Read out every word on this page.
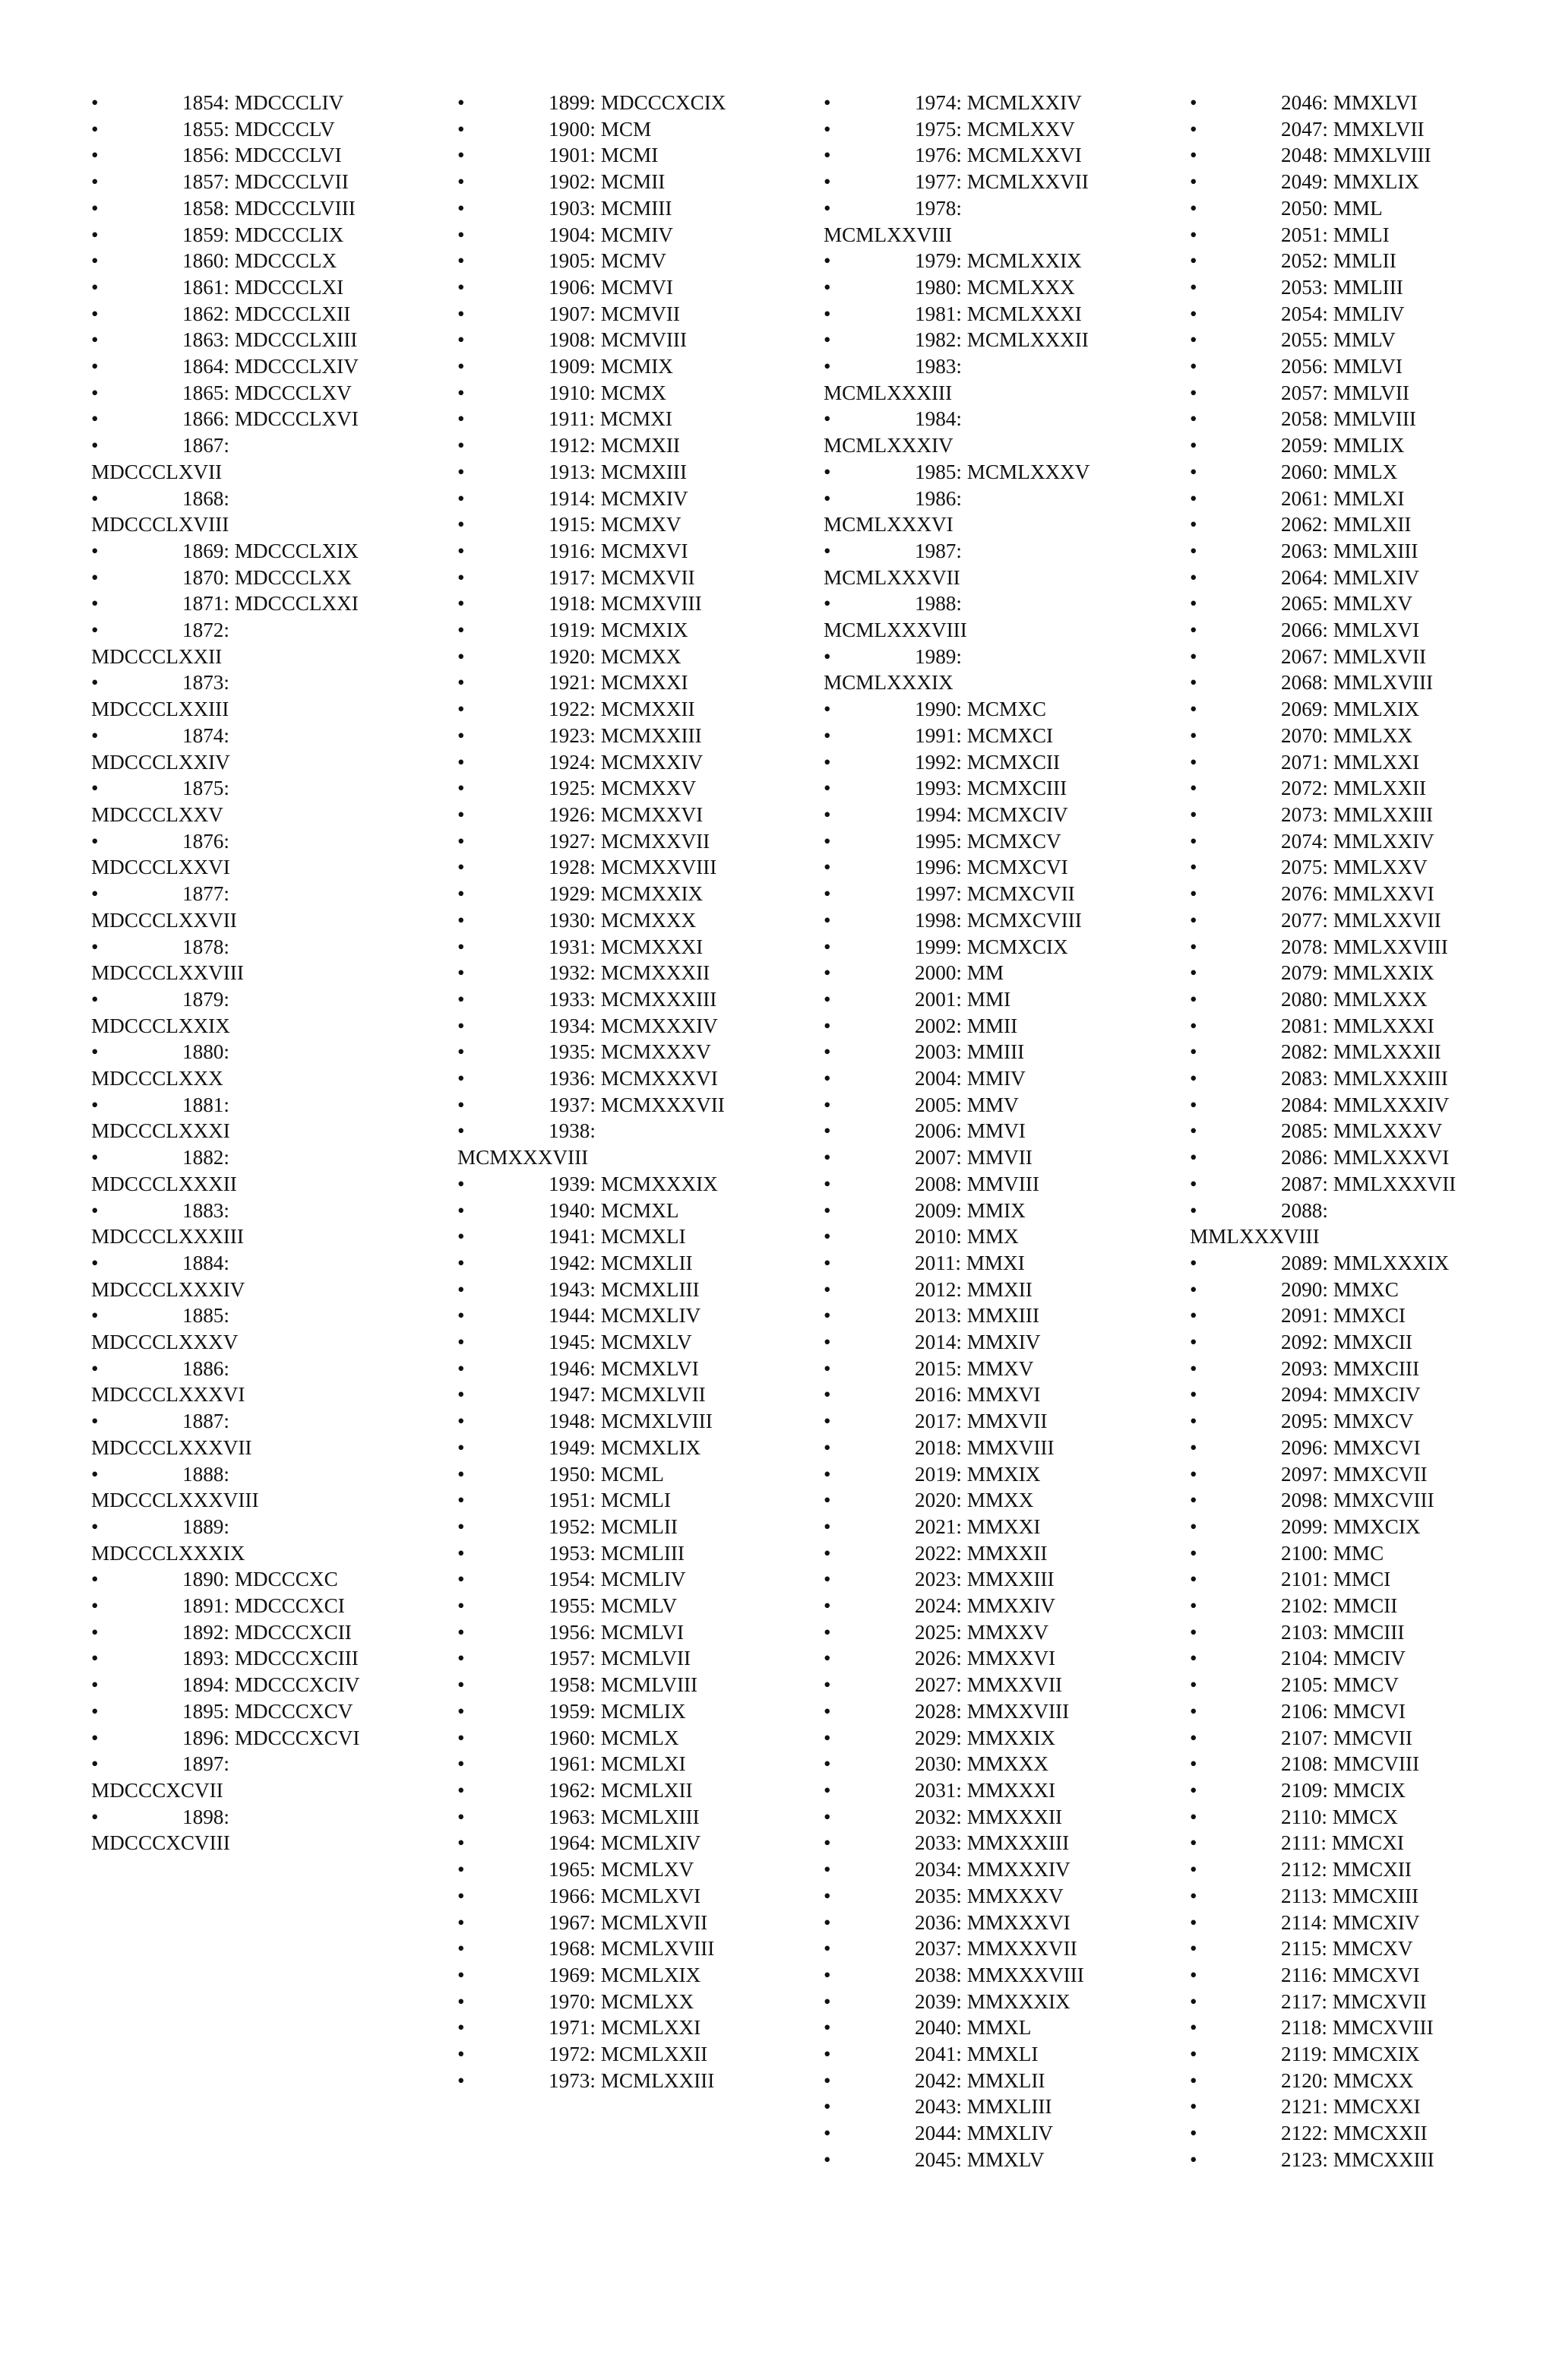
•	1854: MDCCCLIV
•	1855: MDCCCLV
•	1856: MDCCCLVI
•	1857: MDCCCLVII
•	1858: MDCCCLVIII
•	1859: MDCCCLIX
•	1860: MDCCCLX
•	1861: MDCCCLXI
•	1862: MDCCCLXII
•	1863: MDCCCLXIII
•	1864: MDCCCLXIV
•	1865: MDCCCLXV
•	1866: MDCCCLXVI
•	1867:
MDCCCLXVII
•	1868:
MDCCCLXVIII
•	1869: MDCCCLXIX
•	1870: MDCCCLXX
•	1871: MDCCCLXXI
•	1872:
MDCCCLXXII
•	1873:
MDCCCLXXIII
•	1874:
MDCCCLXXIV
•	1875:
MDCCCLXXV
•	1876:
MDCCCLXXVI
•	1877:
MDCCCLXXVII
•	1878:
MDCCCLXXVIII
•	1879:
MDCCCLXXIX
•	1880:
MDCCCLXXX
•	1881:
MDCCCLXXXI
•	1882:
MDCCCLXXXII
•	1883:
MDCCCLXXXIII
•	1884:
MDCCCLXXXIV
•	1885:
MDCCCLXXXV
•	1886:
MDCCCLXXXVI
•	1887:
MDCCCLXXXVII
•	1888:
MDCCCLXXXVIII
•	1889:
MDCCCLXXXIX
•	1890: MDCCCXC
•	1891: MDCCCXCI
•	1892: MDCCCXCII
•	1893: MDCCCXCIII
•	1894: MDCCCXCIV
•	1895: MDCCCXCV
•	1896: MDCCCXCVI
•	1897:
MDCCCXCVII
•	1898:
MDCCCXCVIII
•	1899: MDCCCXCIX
•	1900: MCM
•	1901: MCMI
•	1902: MCMII
•	1903: MCMIII
•	1904: MCMIV
•	1905: MCMV
•	1906: MCMVI
•	1907: MCMVII
•	1908: MCMVIII
•	1909: MCMIX
•	1910: MCMX
•	1911: MCMXI
•	1912: MCMXII
•	1913: MCMXIII
•	1914: MCMXIV
•	1915: MCMXV
•	1916: MCMXVI
•	1917: MCMXVII
•	1918: MCMXVIII
•	1919: MCMXIX
•	1920: MCMXX
•	1921: MCMXXI
•	1922: MCMXXII
•	1923: MCMXXIII
•	1924: MCMXXIV
•	1925: MCMXXV
•	1926: MCMXXVI
•	1927: MCMXXVII
•	1928: MCMXXVIII
•	1929: MCMXXIX
•	1930: MCMXXX
•	1931: MCMXXXI
•	1932: MCMXXXII
•	1933: MCMXXXIII
•	1934: MCMXXXIV
•	1935: MCMXXXV
•	1936: MCMXXXVI
•	1937: MCMXXXVII
•	1938:
MCMXXXVIII
•	1939: MCMXXXIX
•	1940: MCMXL
•	1941: MCMXLI
•	1942: MCMXLII
•	1943: MCMXLIII
•	1944: MCMXLIV
•	1945: MCMXLV
•	1946: MCMXLVI
•	1947: MCMXLVII
•	1948: MCMXLVIII
•	1949: MCMXLIX
•	1950: MCML
•	1951: MCMLI
•	1952: MCMLII
•	1953: MCMLIII
•	1954: MCMLIV
•	1955: MCMLV
•	1956: MCMLVI
•	1957: MCMLVII
•	1958: MCMLVIII
•	1959: MCMLIX
•	1960: MCMLX
•	1961: MCMLXI
•	1962: MCMLXII
•	1963: MCMLXIII
•	1964: MCMLXIV
•	1965: MCMLXV
•	1966: MCMLXVI
•	1967: MCMLXVII
•	1968: MCMLXVIII
•	1969: MCMLXIX
•	1970: MCMLXX
•	1971: MCMLXXI
•	1972: MCMLXXII
•	1973: MCMLXXIII
•	1974: MCMLXXIV
•	1975: MCMLXXV
•	1976: MCMLXXVI
•	1977: MCMLXXVII
•	1978:
MCMLXXVIII
•	1979: MCMLXXIX
•	1980: MCMLXXX
•	1981: MCMLXXXI
•	1982: MCMLXXXII
•	1983:
MCMLXXXIII
•	1984:
MCMLXXXIV
•	1985: MCMLXXXV
•	1986:
MCMLXXXVI
•	1987:
MCMLXXXVII
•	1988:
MCMLXXXVIII
•	1989:
MCMLXXXIX
•	1990: MCMXC
•	1991: MCMXCI
•	1992: MCMXCII
•	1993: MCMXCIII
•	1994: MCMXCIV
•	1995: MCMXCV
•	1996: MCMXCVI
•	1997: MCMXCVII
•	1998: MCMXCVIII
•	1999: MCMXCIX
•	2000: MM
•	2001: MMI
•	2002: MMII
•	2003: MMIII
•	2004: MMIV
•	2005: MMV
•	2006: MMVI
•	2007: MMVII
•	2008: MMVIII
•	2009: MMIX
•	2010: MMX
•	2011: MMXI
•	2012: MMXII
•	2013: MMXIII
•	2014: MMXIV
•	2015: MMXV
•	2016: MMXVI
•	2017: MMXVII
•	2018: MMXVIII
•	2019: MMXIX
•	2020: MMXX
•	2021: MMXXI
•	2022: MMXXII
•	2023: MMXXIII
•	2024: MMXXIV
•	2025: MMXXV
•	2026: MMXXVI
•	2027: MMXXVII
•	2028: MMXXVIII
•	2029: MMXXIX
•	2030: MMXXX
•	2031: MMXXXI
•	2032: MMXXXII
•	2033: MMXXXIII
•	2034: MMXXXIV
•	2035: MMXXXV
•	2036: MMXXXVI
•	2037: MMXXXVII
•	2038: MMXXXVIII
•	2039: MMXXXIX
•	2040: MMXL
•	2041: MMXLI
•	2042: MMXLII
•	2043: MMXLIII
•	2044: MMXLIV
•	2045: MMXLV
•	2046: MMXLVI
•	2047: MMXLVII
•	2048: MMXLVIII
•	2049: MMXLIX
•	2050: MML
•	2051: MMLI
•	2052: MMLII
•	2053: MMLIII
•	2054: MMLIV
•	2055: MMLV
•	2056: MMLVI
•	2057: MMLVII
•	2058: MMLVIII
•	2059: MMLIX
•	2060: MMLX
•	2061: MMLXI
•	2062: MMLXII
•	2063: MMLXIII
•	2064: MMLXIV
•	2065: MMLXV
•	2066: MMLXVI
•	2067: MMLXVII
•	2068: MMLXVIII
•	2069: MMLXIX
•	2070: MMLXX
•	2071: MMLXXI
•	2072: MMLXXII
•	2073: MMLXXIII
•	2074: MMLXXIV
•	2075: MMLXXV
•	2076: MMLXXVI
•	2077: MMLXXVII
•	2078: MMLXXVIII
•	2079: MMLXXIX
•	2080: MMLXXX
•	2081: MMLXXXI
•	2082: MMLXXXII
•	2083: MMLXXXIII
•	2084: MMLXXXIV
•	2085: MMLXXXV
•	2086: MMLXXXVI
•	2087: MMLXXXVII
•	2088:
MMLXXXVIII
•	2089: MMLXXXIX
•	2090: MMXC
•	2091: MMXCI
•	2092: MMXCII
•	2093: MMXCIII
•	2094: MMXCIV
•	2095: MMXCV
•	2096: MMXCVI
•	2097: MMXCVII
•	2098: MMXCVIII
•	2099: MMXCIX
•	2100: MMC
•	2101: MMCI
•	2102: MMCII
•	2103: MMCIII
•	2104: MMCIV
•	2105: MMCV
•	2106: MMCVI
•	2107: MMCVII
•	2108: MMCVIII
•	2109: MMCIX
•	2110: MMCX
•	2111: MMCXI
•	2112: MMCXII
•	2113: MMCXIII
•	2114: MMCXIV
•	2115: MMCXV
•	2116: MMCXVI
•	2117: MMCXVII
•	2118: MMCXVIII
•	2119: MMCXIX
•	2120: MMCXX
•	2121: MMCXXI
•	2122: MMCXXII
•	2123: MMCXXIII
